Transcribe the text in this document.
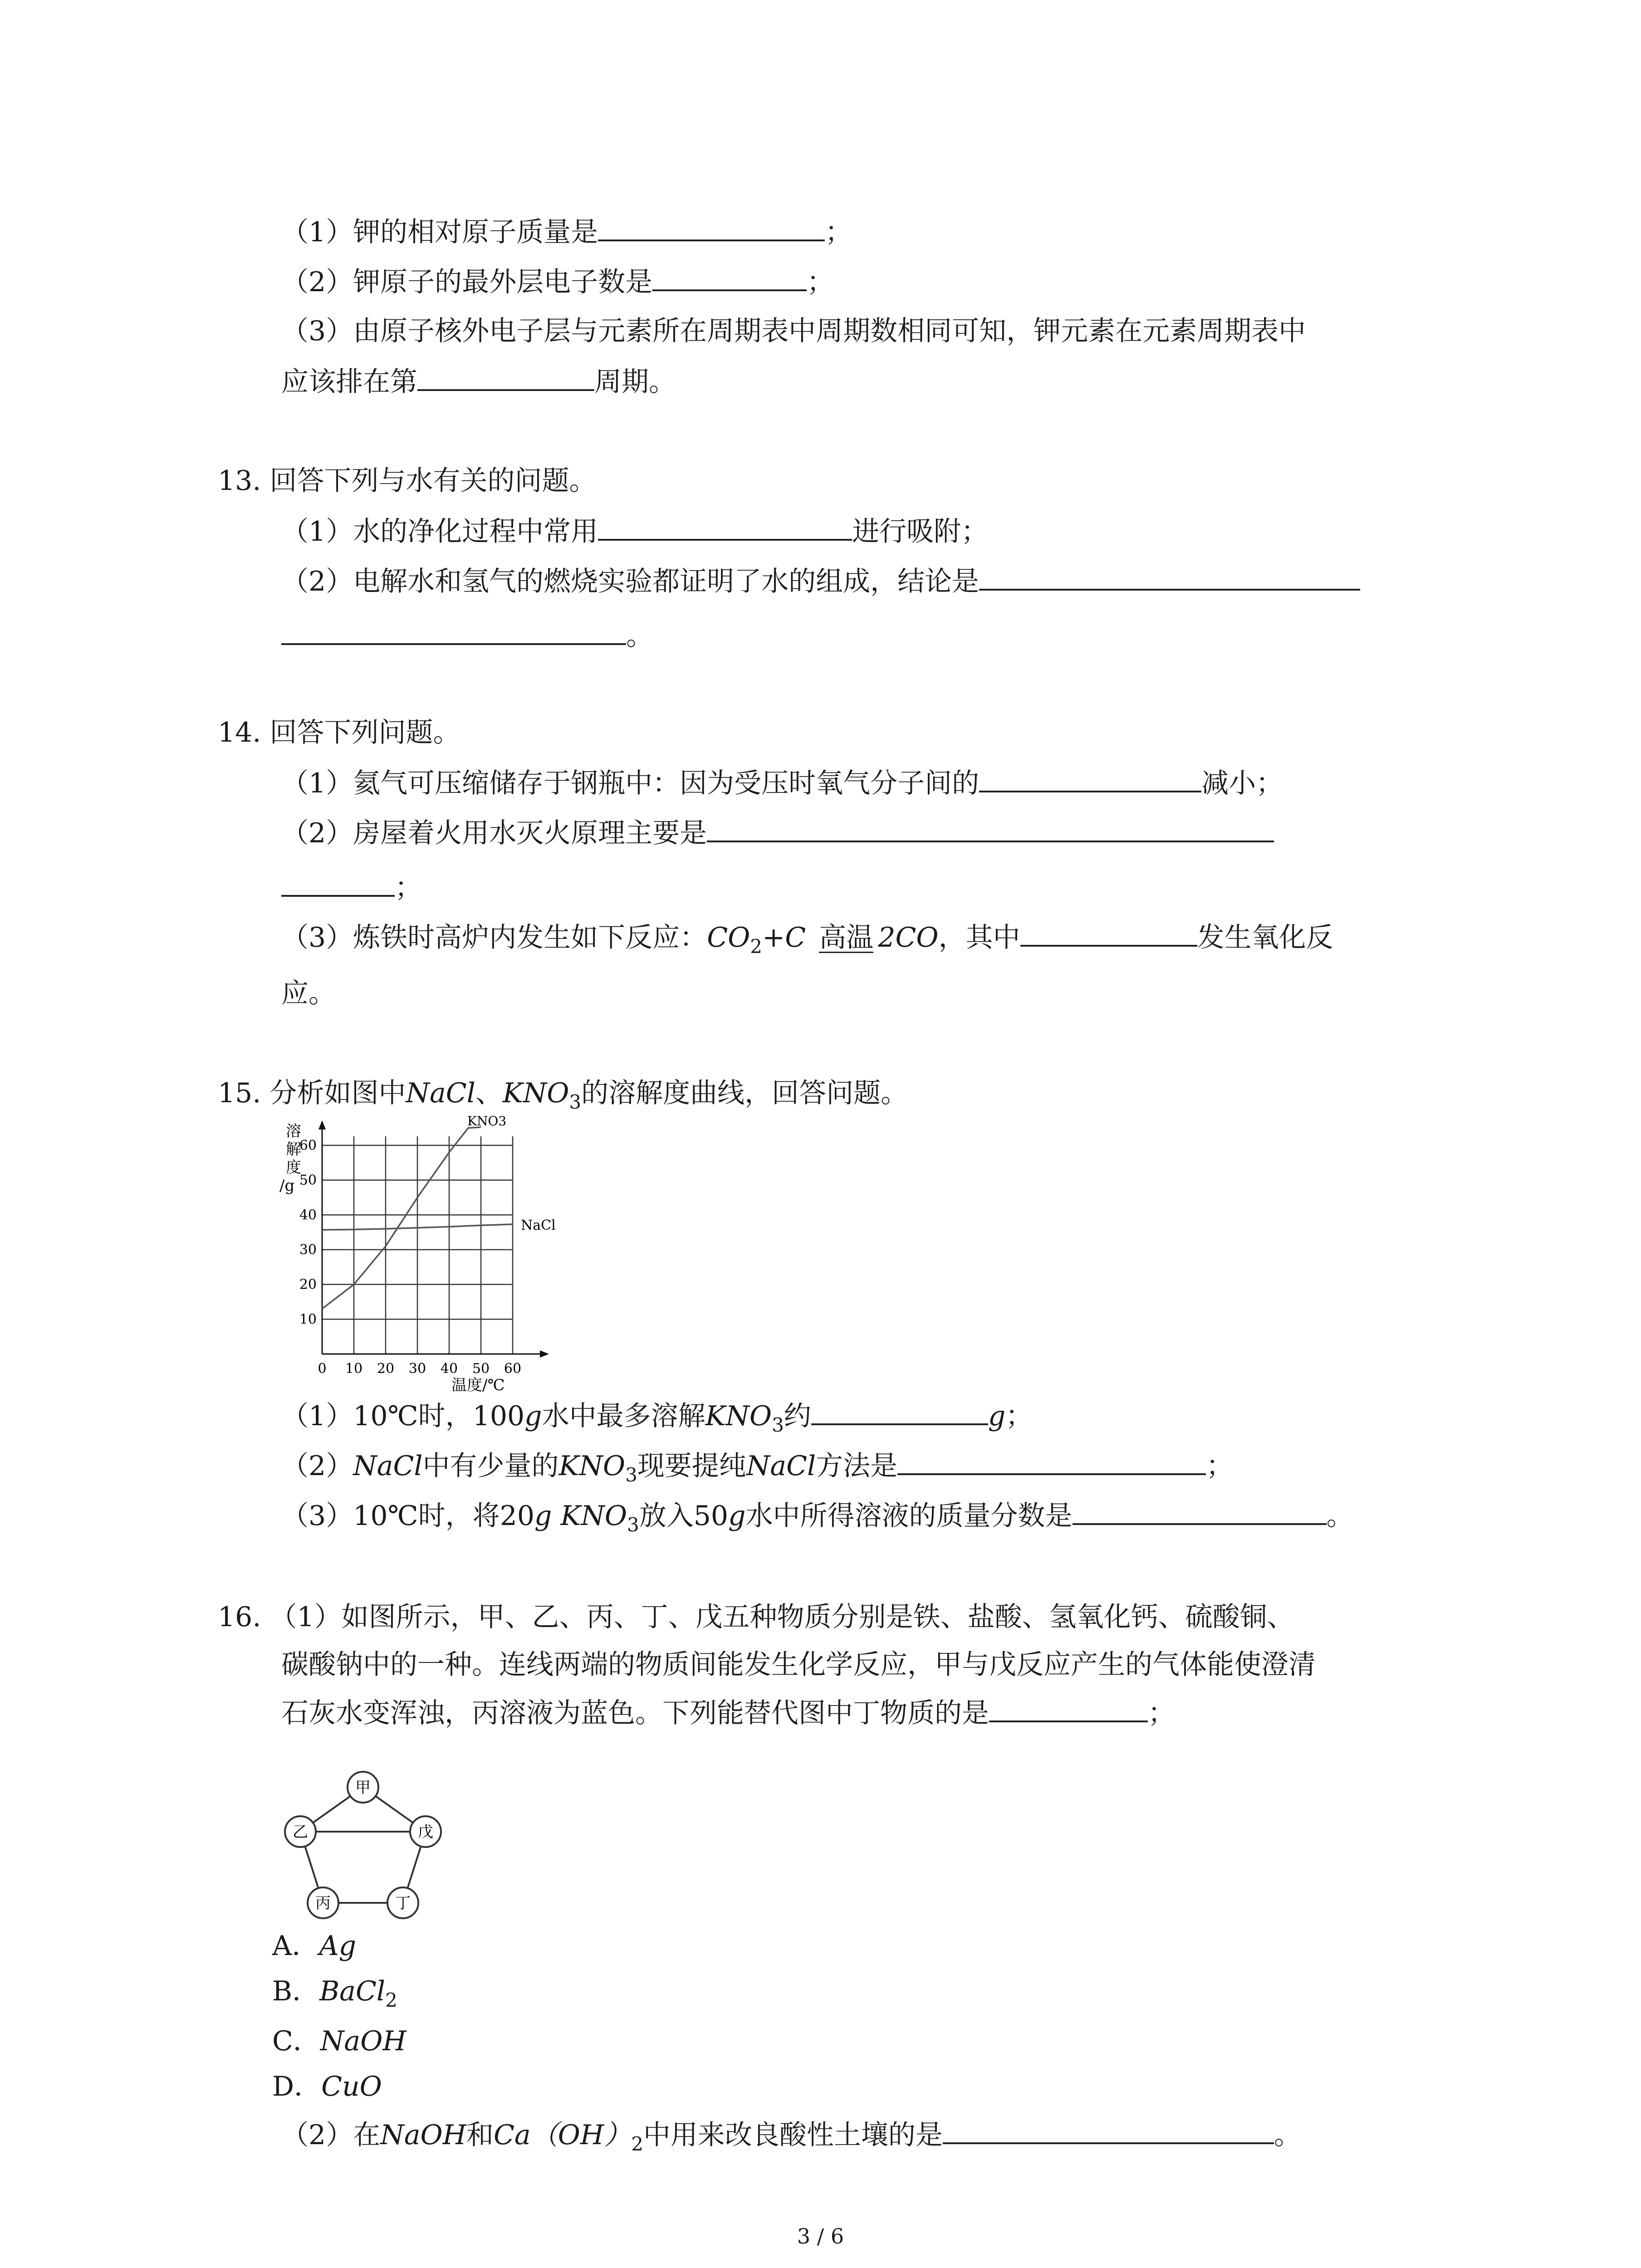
（1）钾的相对原子质量是	；
（2）钾原子的最外层电子数是	；
（3）由原子核外电子层与元素所在周期表中周期数相同可知，钾元素在元素周期表中
应该排在第	周期。
13. 回答下列与水有关的问题。
（1）水的净化过程中常用	进行吸附；
（2）电解水和氢气的燃烧实验都证明了水的组成，结论是
。
14. 回答下列问题。
（1）氦气可压缩储存于钢瓶中：因为受压时氧气分子间的	减小；
（2）房屋着火用水灭火原理主要是
；
（3）炼铁时高炉内发生如下反应：$CO_2+C$ 高温 2CO，其中	发生氧化反
应。
15. 分析如图中NaCl、$KNO_3$的溶解度曲线，回答问题。
溶
解
度
/g
0 10 20 30 40 50 60
10
20
30
40
50
60
KNO3
NaCl
温度/℃
（1）10℃时，100g水中最多溶解$KNO_3$约	g；
（2）NaCl中有少量的$KNO_3$现要提纯NaCl方法是	；
（3）10℃时，将20g $KNO_3$放入50g水中所得溶液的质量分数是	。
16. （1）如图所示，甲、乙、丙、丁、戊五种物质分别是铁、盐酸、氢氧化钙、硫酸铜、
碳酸钠中的一种。连线两端的物质间能发生化学反应，甲与戊反应产生的气体能使澄清
石灰水变浑浊，丙溶液为蓝色。下列能替代图中丁物质的是	；
甲
乙	戊
丙	丁
A．Ag
B．BaCl$_2$
C．NaOH
D．CuO
（2）在NaOH和$Ca(OH)_2$中用来改良酸性土壤的是	。
3 / 6
